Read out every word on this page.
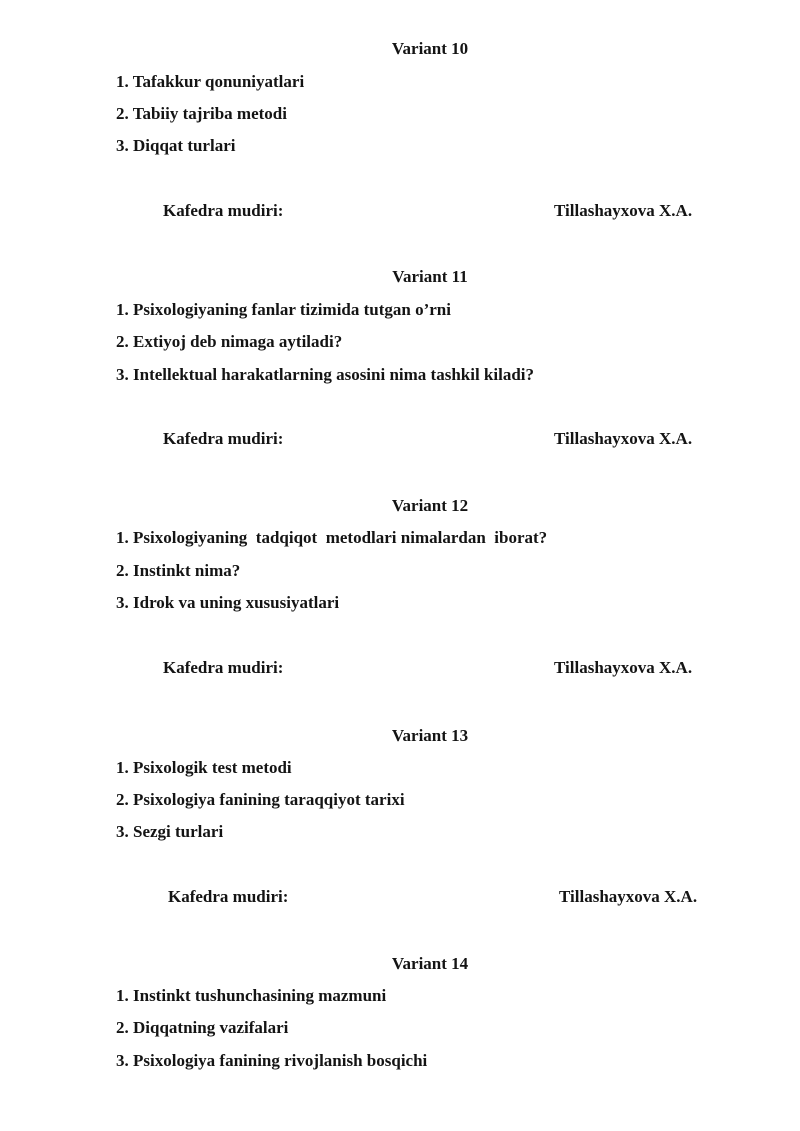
Variant 10
1. Tafakkur qonuniyatlari
2. Tabiiy tajriba metodi
3. Diqqat turlari
Kafedra mudiri:	Tillashayxova X.A.
Variant 11
1. Psixologiyaning fanlar tizimida tutgan o’rni
2. Extiyoj deb nimaga aytiladi?
3. Intellektual harakatlarning asosini nima tashkil kiladi?
Kafedra mudiri:	Tillashayxova X.A.
Variant 12
1. Psixologiyaning  tadqiqot  metodlari nimalardan  iborat?
2. Instinkt nima?
3. Idrok va uning xususiyatlari
Kafedra mudiri:	Tillashayxova X.A.
Variant 13
1. Psixologik test metodi
2. Psixologiya fanining taraqqiyot tarixi
3. Sezgi turlari
Kafedra mudiri:	Tillashayxova X.A.
Variant 14
1. Instinkt tushunchasining mazmuni
2. Diqqatning vazifalari
3. Psixologiya fanining rivojlanish bosqichi
